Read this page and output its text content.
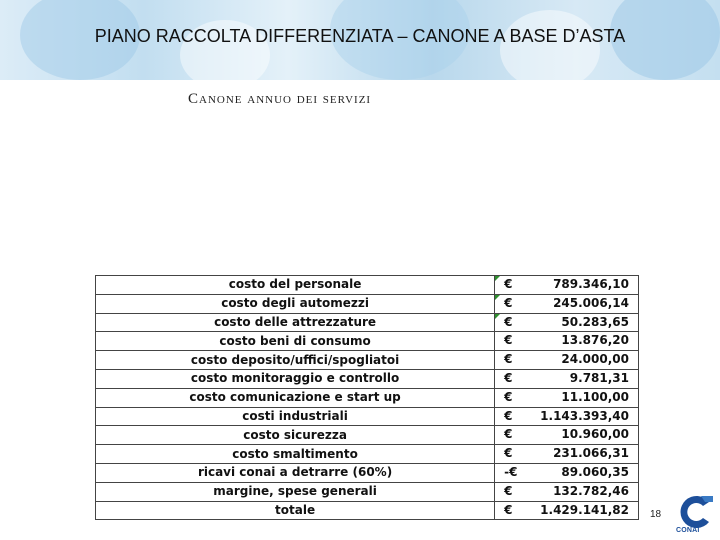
PIANO RACCOLTA DIFFERENZIATA – CANONE A BASE D’ASTA
Canone annuo dei servizi
costo del personale	€ 789.346,10

costo degli automezzi	€ 245.006,14

costo delle attrezzature	€ 50.283,65

costo beni di consumo	€ 13.876,20

costo deposito/uffici/spogliatoi	€ 24.000,00

costo monitoraggio e controllo	€ 9.781,31

costo comunicazione e start up	€ 11.100,00

costi industriali	€ 1.143.393,40

costo sicurezza	€ 10.960,00

costo smaltimento	€ 231.066,31

ricavi conai a detrarre (60%)	-€ 89.060,35

margine, spese generali	€ 132.782,46

totale	€ 1.429.141,82 18
CONAI
